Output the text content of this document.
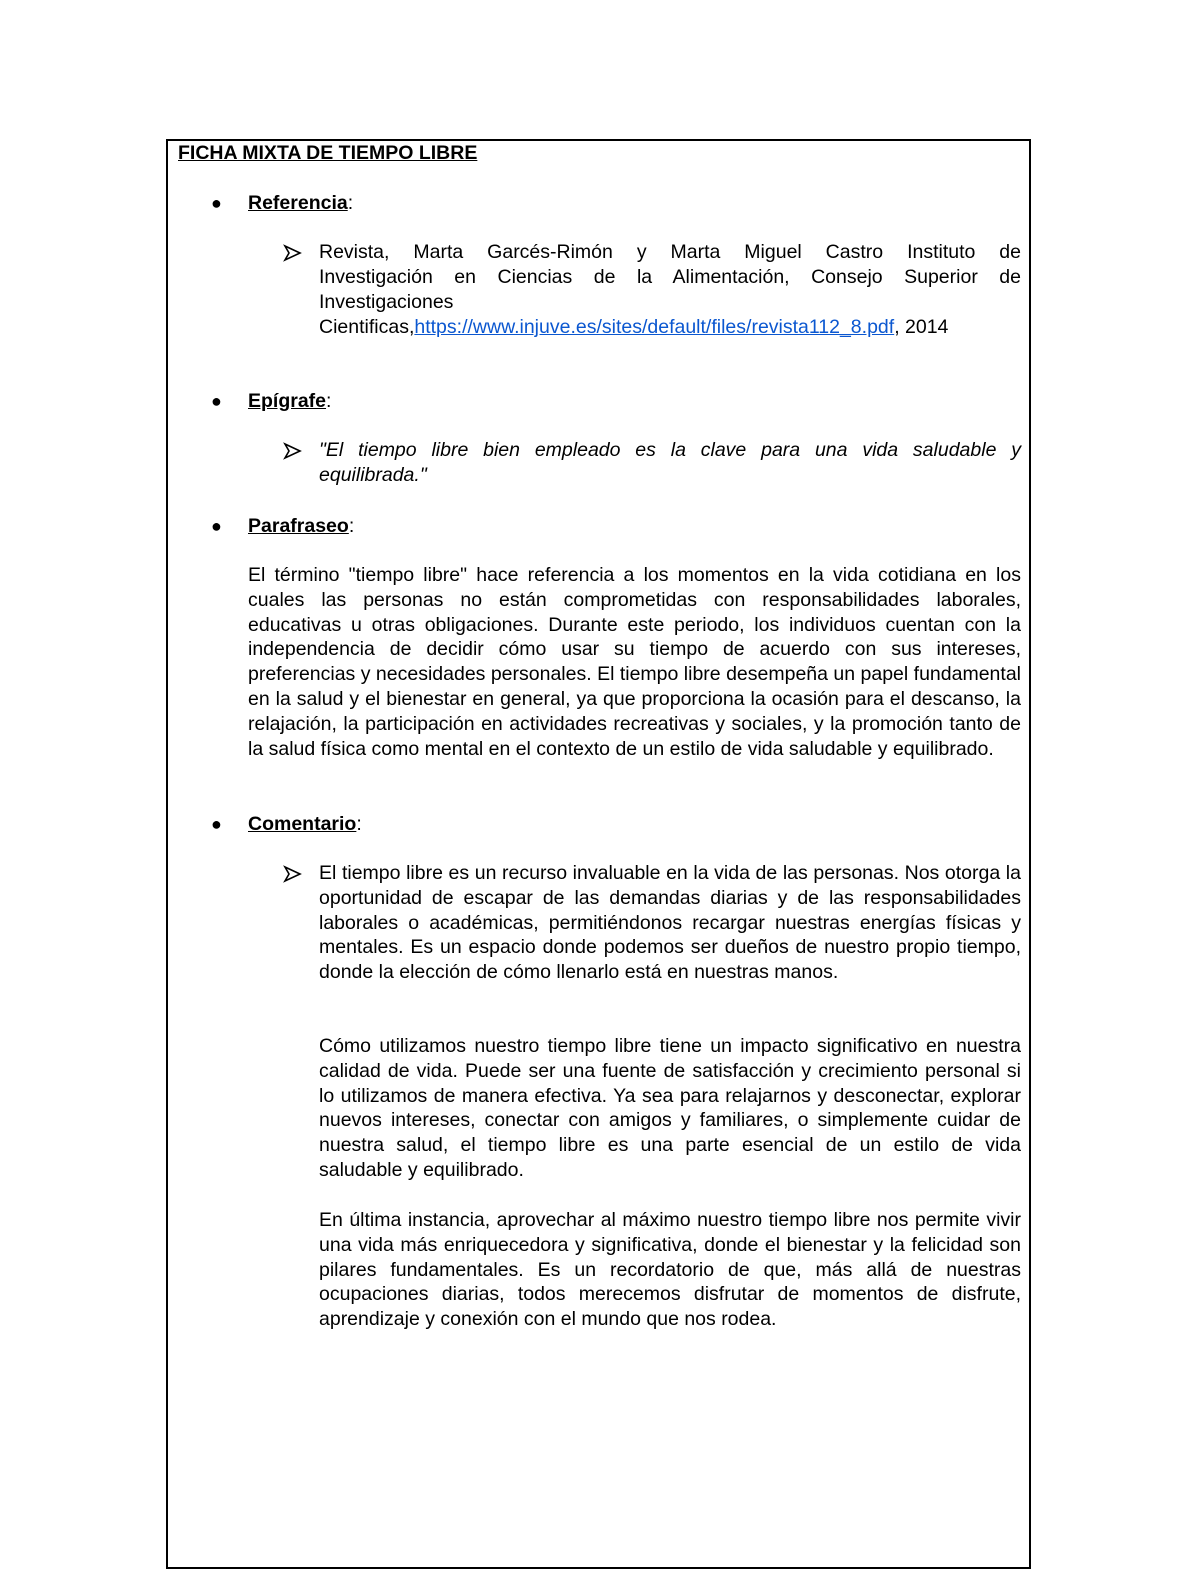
FICHA MIXTA DE TIEMPO LIBRE

● Referencia:

Revista, Marta Garcés-Rimón y Marta Miguel Castro Instituto de

Investigación en Ciencias de la Alimentación, Consejo Superior de

Investigaciones

Cientificas,https://www.injuve.es/sites/default/files/revista112_8.pdf, 2014

● Epígrafe:

"El tiempo libre bien empleado es la clave para una vida saludable y equilibrada."

● Parafraseo:

El término "tiempo libre" hace referencia a los momentos en la vida cotidiana en los cuales las personas no están comprometidas con responsabilidades laborales, educativas u otras obligaciones. Durante este periodo, los individuos cuentan con la independencia de decidir cómo usar su tiempo de acuerdo con sus intereses, preferencias y necesidades personales. El tiempo libre desempeña un papel fundamental en la salud y el bienestar en general, ya que proporciona la ocasión para el descanso, la relajación, la participación en actividades recreativas y sociales, y la promoción tanto de la salud física como mental en el contexto de un estilo de vida saludable y equilibrado.

● Comentario:

El tiempo libre es un recurso invaluable en la vida de las personas. Nos otorga la oportunidad de escapar de las demandas diarias y de las responsabilidades laborales o académicas, permitiéndonos recargar nuestras energías físicas y mentales. Es un espacio donde podemos ser dueños de nuestro propio tiempo, donde la elección de cómo llenarlo está en nuestras manos.

Cómo utilizamos nuestro tiempo libre tiene un impacto significativo en nuestra calidad de vida. Puede ser una fuente de satisfacción y crecimiento personal si lo utilizamos de manera efectiva. Ya sea para relajarnos y desconectar, explorar nuevos intereses, conectar con amigos y familiares, o simplemente cuidar de nuestra salud, el tiempo libre es una parte esencial de un estilo de vida saludable y equilibrado.

En última instancia, aprovechar al máximo nuestro tiempo libre nos permite vivir una vida más enriquecedora y significativa, donde el bienestar y la felicidad son pilares fundamentales. Es un recordatorio de que, más allá de nuestras ocupaciones diarias, todos merecemos disfrutar de momentos de disfrute, aprendizaje y conexión con el mundo que nos rodea.
